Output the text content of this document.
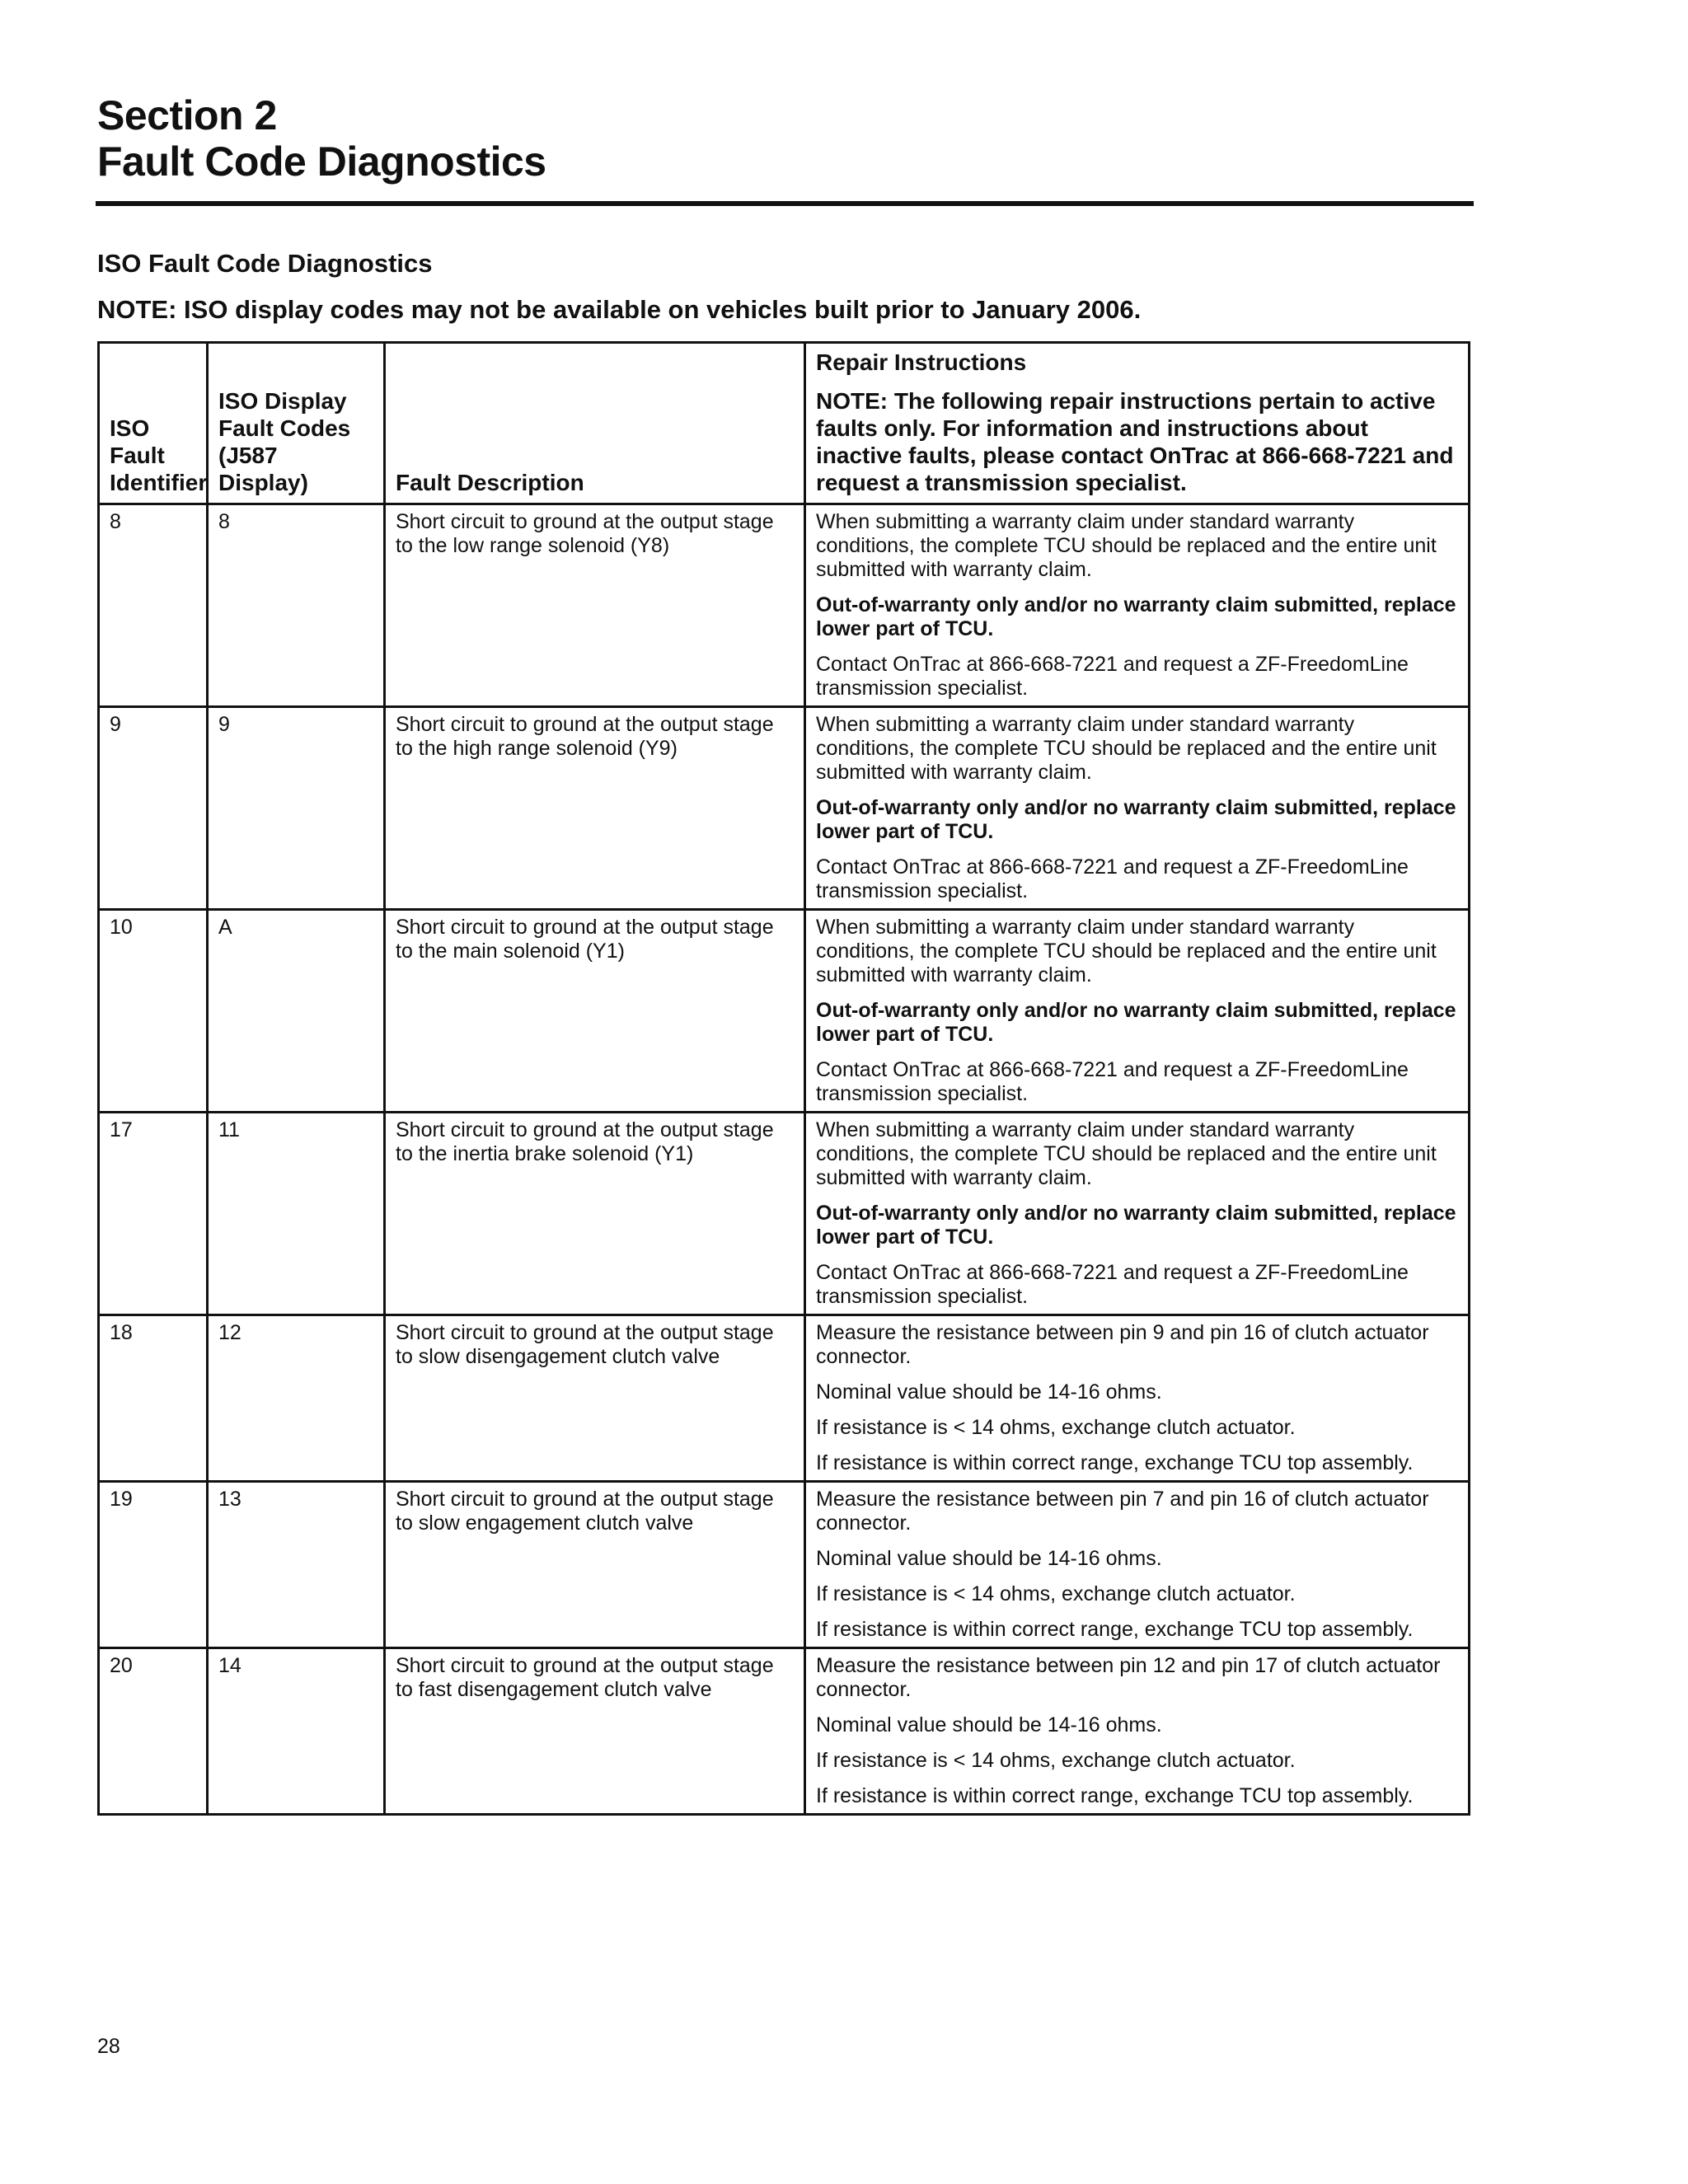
Section 2
Fault Code Diagnostics
ISO Fault Code Diagnostics
NOTE: ISO display codes may not be available on vehicles built prior to January 2006.
ISO Fault Identifier	ISO Display Fault Codes (J587 Display)	Fault Description	Repair Instructions
NOTE: The following repair instructions pertain to active faults only. For information and instructions about inactive faults, please contact OnTrac at 866-668-7221 and request a transmission specialist.

8	8	Short circuit to ground at the output stage to the low range solenoid (Y8)	When submitting a warranty claim under standard warranty conditions, the complete TCU should be replaced and the entire unit submitted with warranty claim.

Out-of-warranty only and/or no warranty claim submitted, replace lower part of TCU.

Contact OnTrac at 866-668-7221 and request a ZF-FreedomLine transmission specialist.

9	9	Short circuit to ground at the output stage to the high range solenoid (Y9)	When submitting a warranty claim under standard warranty conditions, the complete TCU should be replaced and the entire unit submitted with warranty claim.

Out-of-warranty only and/or no warranty claim submitted, replace lower part of TCU.

Contact OnTrac at 866-668-7221 and request a ZF-FreedomLine transmission specialist.

10	A	Short circuit to ground at the output stage to the main solenoid (Y1)	When submitting a warranty claim under standard warranty conditions, the complete TCU should be replaced and the entire unit submitted with warranty claim.

Out-of-warranty only and/or no warranty claim submitted, replace lower part of TCU.

Contact OnTrac at 866-668-7221 and request a ZF-FreedomLine transmission specialist.

17	11	Short circuit to ground at the output stage to the inertia brake solenoid (Y1)	When submitting a warranty claim under standard warranty conditions, the complete TCU should be replaced and the entire unit submitted with warranty claim.

Out-of-warranty only and/or no warranty claim submitted, replace lower part of TCU.

Contact OnTrac at 866-668-7221 and request a ZF-FreedomLine transmission specialist.

18	12	Short circuit to ground at the output stage to slow disengagement clutch valve	Measure the resistance between pin 9 and pin 16 of clutch actuator connector.

Nominal value should be 14-16 ohms.

If resistance is < 14 ohms, exchange clutch actuator.

If resistance is within correct range, exchange TCU top assembly.

19	13	Short circuit to ground at the output stage to slow engagement clutch valve	Measure the resistance between pin 7 and pin 16 of clutch actuator connector.

Nominal value should be 14-16 ohms.

If resistance is < 14 ohms, exchange clutch actuator.

If resistance is within correct range, exchange TCU top assembly.

20	14	Short circuit to ground at the output stage to fast disengagement clutch valve	Measure the resistance between pin 12 and pin 17 of clutch actuator connector.

Nominal value should be 14-16 ohms.

If resistance is < 14 ohms, exchange clutch actuator.

If resistance is within correct range, exchange TCU top assembly.

28
